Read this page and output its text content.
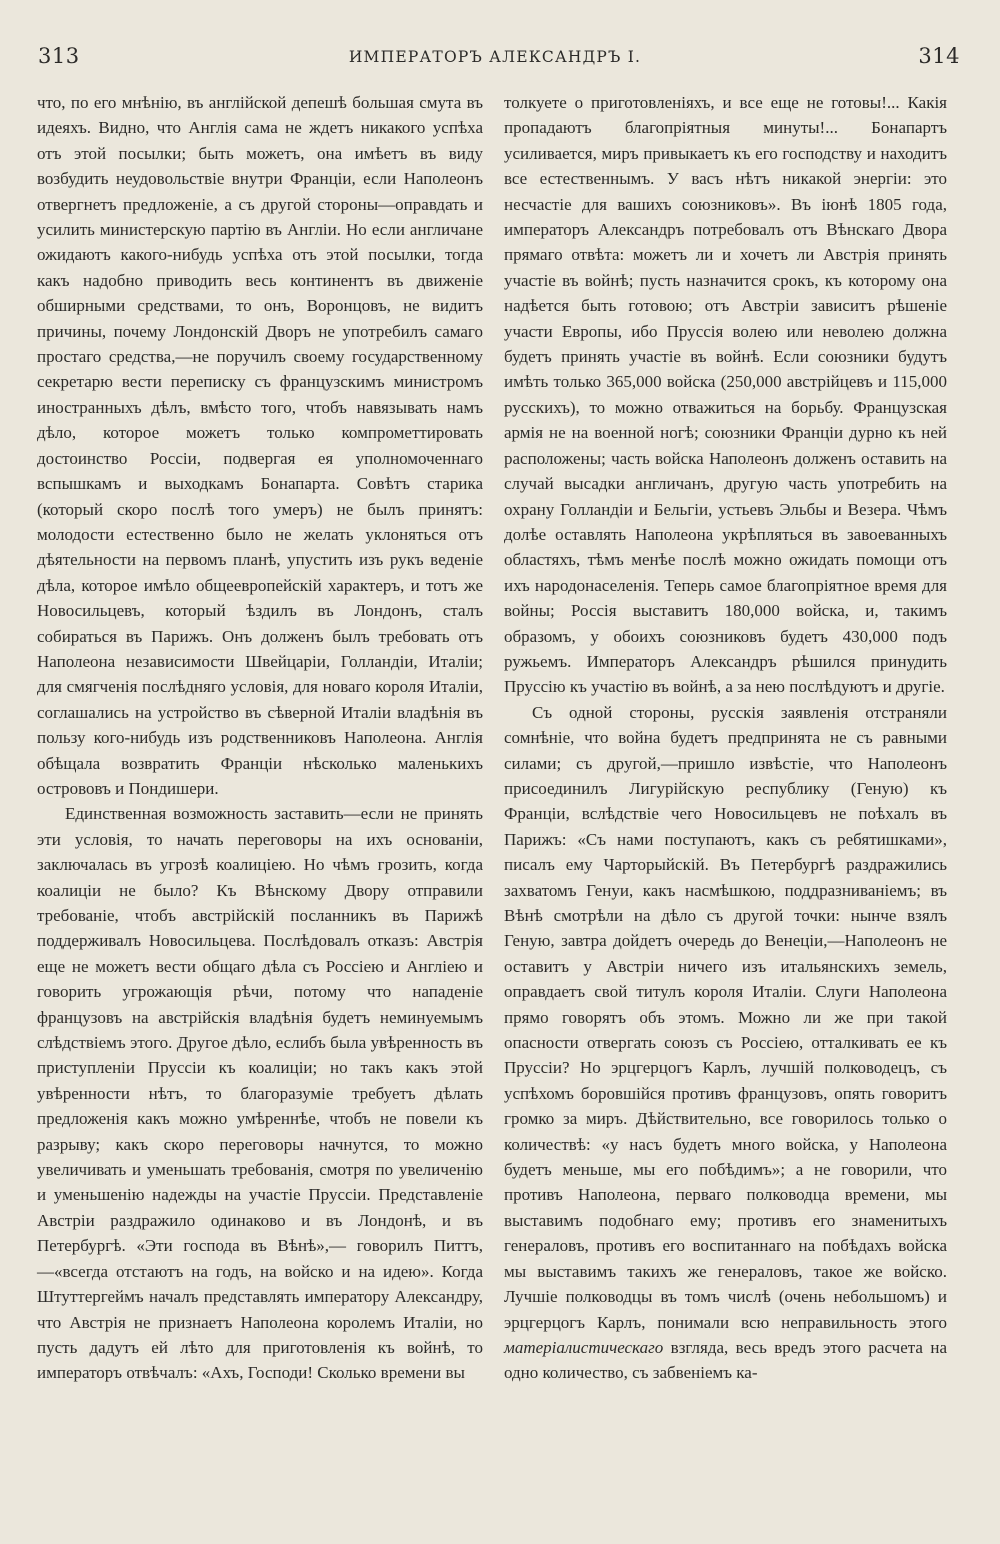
313	ИМПЕРАТОРЪ АЛЕКСАНДРЪ I.	314

что, по его мнѣнію, въ англійской депешѣ большая смута въ идеяхъ. Видно, что Англія сама не ждетъ никакого успѣха отъ этой посылки; быть можетъ, она имѣетъ въ виду возбудить неудовольствіе внутри Франціи, если Наполеонъ отвергнетъ предложеніе, а съ другой стороны—оправдать и усилить министерскую партію въ Англіи. Но если англичане ожидаютъ какого-нибудь успѣха отъ этой посылки, тогда какъ надобно приводить весь континентъ въ движеніе обширными средствами, то онъ, Воронцовъ, не видитъ причины, почему Лондонскій Дворъ не употребилъ самаго простаго средства,—не поручилъ своему государственному секретарю вести переписку съ французскимъ министромъ иностранныхъ дѣлъ, вмѣсто того, чтобъ навязывать намъ дѣло, которое можетъ только компрометтировать достоинство Россіи, подвергая ея уполномоченнаго вспышкамъ и выходкамъ Бонапарта. Совѣтъ старика (который скоро послѣ того умеръ) не былъ принятъ: молодости естественно было не желать уклоняться отъ дѣятельности на первомъ планѣ, упустить изъ рукъ веденіе дѣла, которое имѣло общеевропейскій характеръ, и тотъ же Новосильцевъ, который ѣздилъ въ Лондонъ, сталъ собираться въ Парижъ. Онъ долженъ былъ требовать отъ Наполеона независимости Швейцаріи, Голландіи, Италіи; для смягченія послѣдняго условія, для новаго короля Италіи, соглашались на устройство въ сѣверной Италіи владѣнія въ пользу кого-нибудь изъ родственниковъ Наполеона. Англія обѣщала возвратить Франціи нѣсколько маленькихъ острововъ и Пондишери.

Единственная возможность заставить—если не принять эти условія, то начать переговоры на ихъ основаніи, заключалась въ угрозѣ коалиціею. Но чѣмъ грозить, когда коалиціи не было? Къ Вѣнскому Двору отправили требованіе, чтобъ австрійскій посланникъ въ Парижѣ поддерживалъ Новосильцева. Послѣдовалъ отказъ: Австрія еще не можетъ вести общаго дѣла съ Россіею и Англіею и говорить угрожающія рѣчи, потому что нападеніе французовъ на австрійскія владѣнія будетъ неминуемымъ слѣдствіемъ этого. Другое дѣло, еслибъ была увѣренность въ приступленіи Пруссіи къ коалиціи; но такъ какъ этой увѣренности нѣтъ, то благоразуміе требуетъ дѣлать предложенія какъ можно умѣреннѣе, чтобъ не повели къ разрыву; какъ скоро переговоры начнутся, то можно увеличивать и уменьшать требованія, смотря по увеличенію и уменьшенію надежды на участіе Пруссіи. Представленіе Австріи раздражило одинаково и въ Лондонѣ, и въ Петербургѣ. «Эти господа въ Вѣнѣ»,— говорилъ Питтъ,—«всегда отстаютъ на годъ, на войско и на идею». Когда Штуттергеймъ началъ представлять императору Александру, что Австрія не признаетъ Наполеона королемъ Италіи, но пусть дадутъ ей лѣто для приготовленія къ войнѣ, то императоръ отвѣчалъ: «Ахъ, Господи! Сколько времени вы

толкуете о приготовленіяхъ, и все еще не готовы!... Какія пропадаютъ благопріятныя минуты!... Бонапартъ усиливается, миръ привыкаетъ къ его господству и находитъ все естественнымъ. У васъ нѣтъ никакой энергіи: это несчастіе для вашихъ союзниковъ». Въ іюнѣ 1805 года, императоръ Александръ потребовалъ отъ Вѣнскаго Двора прямаго отвѣта: можетъ ли и хочетъ ли Австрія принять участіе въ войнѣ; пусть назначится срокъ, къ которому она надѣется быть готовою; отъ Австріи зависитъ рѣшеніе участи Европы, ибо Пруссія волею или неволею должна будетъ принять участіе въ войнѣ. Если союзники будутъ имѣть только 365,000 войска (250,000 австрійцевъ и 115,000 русскихъ), то можно отважиться на борьбу. Французская армія не на военной ногѣ; союзники Франціи дурно къ ней расположены; часть войска Наполеонъ долженъ оставить на случай высадки англичанъ, другую часть употребить на охрану Голландіи и Бельгіи, устьевъ Эльбы и Везера. Чѣмъ долѣе оставлять Наполеона укрѣпляться въ завоеванныхъ областяхъ, тѣмъ менѣе послѣ можно ожидать помощи отъ ихъ народонаселенія. Теперь самое благопріятное время для войны; Россія выставитъ 180,000 войска, и, такимъ образомъ, у обоихъ союзниковъ будетъ 430,000 подъ ружьемъ. Императоръ Александръ рѣшился принудить Пруссію къ участію въ войнѣ, а за нею послѣдуютъ и другіе.

Съ одной стороны, русскія заявленія отстраняли сомнѣніе, что война будетъ предпринята не съ равными силами; съ другой,—пришло извѣстіе, что Наполеонъ присоединилъ Лигурійскую республику (Геную) къ Франціи, вслѣдствіе чего Новосильцевъ не поѣхалъ въ Парижъ: «Съ нами поступаютъ, какъ съ ребятишками», писалъ ему Чарторыйскій. Въ Петербургѣ раздражились захватомъ Генуи, какъ насмѣшкою, поддразниваніемъ; въ Вѣнѣ смотрѣли на дѣло съ другой точки: нынче взялъ Геную, завтра дойдетъ очередь до Венеціи,—Наполеонъ не оставитъ у Австріи ничего изъ итальянскихъ земель, оправдаетъ свой титулъ короля Италіи. Слуги Наполеона прямо говорятъ объ этомъ. Можно ли же при такой опасности отвергать союзъ съ Россіею, отталкивать ее къ Пруссіи? Но эрцгерцогъ Карлъ, лучшій полководецъ, съ успѣхомъ боровшійся противъ французовъ, опять говоритъ громко за миръ. Дѣйствительно, все говорилось только о количествѣ: «у насъ будетъ много войска, у Наполеона будетъ меньше, мы его побѣдимъ»; а не говорили, что противъ Наполеона, перваго полководца времени, мы выставимъ подобнаго ему; противъ его знаменитыхъ генераловъ, противъ его воспитаннаго на побѣдахъ войска мы выставимъ такихъ же генераловъ, такое же войско. Лучшіе полководцы въ томъ числѣ (очень небольшомъ) и эрцгерцогъ Карлъ, понимали всю неправильность этого матеріалистическаго взгляда, весь вредъ этого расчета на одно количество, съ забвеніемъ ка-
